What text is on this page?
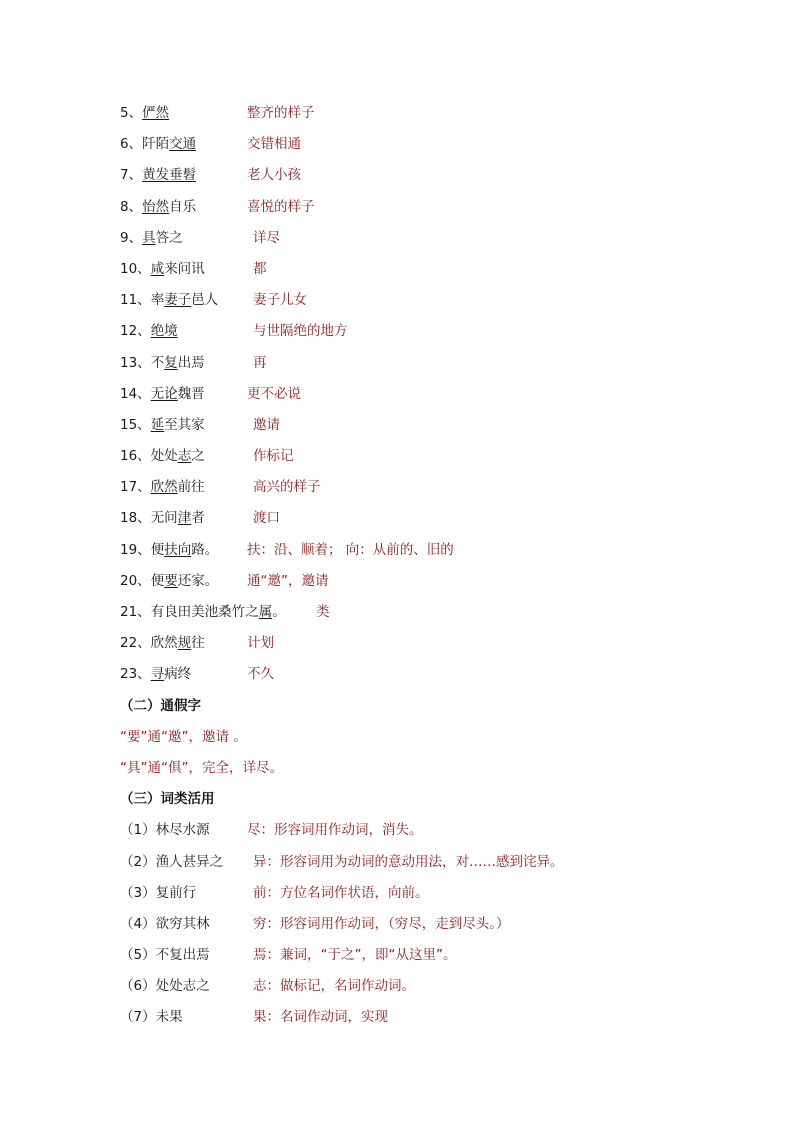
5、俨然	整齐的样子
6、阡陌交通	交错相通
7、黄发垂髫	老人小孩
8、怡然自乐	喜悦的样子
9、具答之	详尽
10、咸来问讯	都
11、率妻子邑人	妻子儿女
12、绝境	与世隔绝的地方
13、不复出焉	再
14、无论魏晋	更不必说
15、延至其家	邀请
16、处处志之	作标记
17、欣然前往	高兴的样子
18、无问津者	渡口
19、便扶向路。 扶：沿、顺着； 向：从前的、旧的
20、便要还家。 通“邀”，邀请
21、有良田美池桑竹之属。 类
22、欣然规往	计划
23、寻病终	不久
（二）通假字
“要”通“邀”，邀请 。
“具”通“俱”，完全，详尽。
（三）词类活用
（1）林尽水源	尽：形容词用作动词，消失。
（2）渔人甚异之 异：形容词用为动词的意动用法，对……感到诧异。
（3）复前行	前：方位名词作状语，向前。
（4）欲穷其林	穷：形容词用作动词，（穷尽，走到尽头。）
（5）不复出焉	焉：兼词，“于之”，即“从这里”。
（6）处处志之	志：做标记，名词作动词。
（7）未果	果：名词作动词，实现
